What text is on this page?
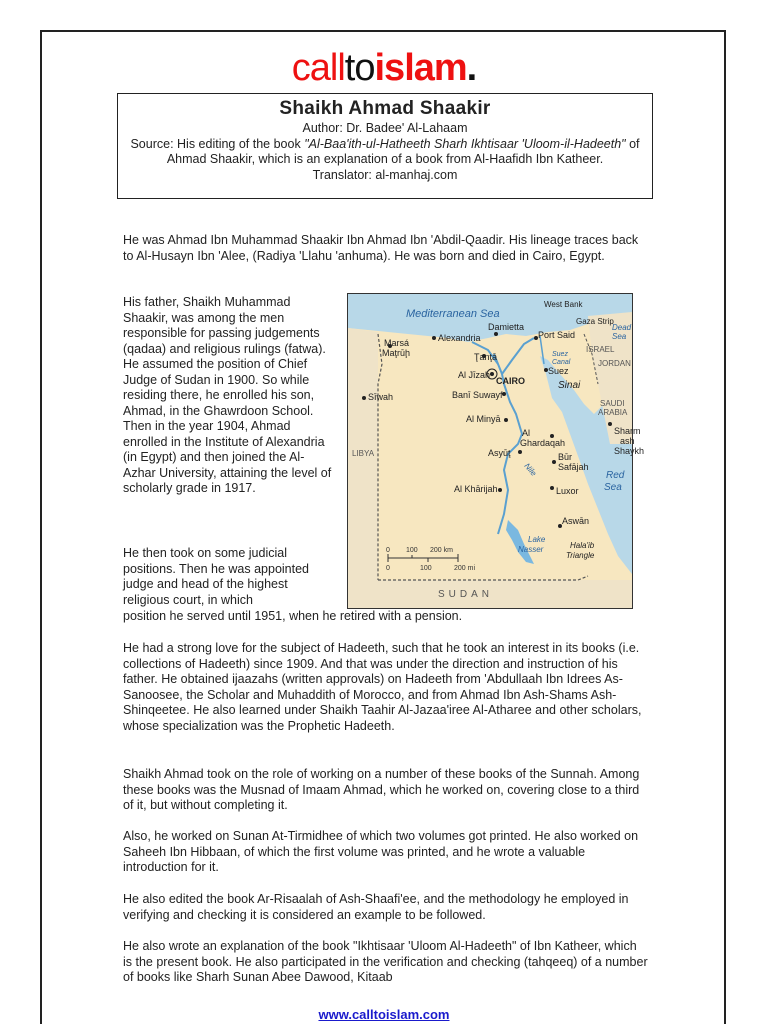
calltoislam.
Shaikh Ahmad Shaakir
Author: Dr. Badee' Al-Lahaam
Source: His editing of the book "Al-Baa'ith-ul-Hatheeth Sharh Ikhtisaar 'Uloom-il-Hadeeth" of Ahmad Shaakir, which is an explanation of a book from Al-Haafidh Ibn Katheer.
Translator: al-manhaj.com
He was Ahmad Ibn Muhammad Shaakir Ibn Ahmad Ibn 'Abdil-Qaadir. His lineage traces back to Al-Husayn Ibn 'Alee, (Radiya 'Llahu 'anhuma). He was born and died in Cairo, Egypt.
His father, Shaikh Muhammad Shaakir, was among the men responsible for passing judgements (qadaa) and religious rulings (fatwa). He assumed the position of Chief Judge of Sudan in 1900. So while residing there, he enrolled his son, Ahmad, in the Ghawrdoon School. Then in the year 1904, Ahmad enrolled in the Institute of Alexandria (in Egypt) and then joined the Al-Azhar University, attaining the level of scholarly grade in 1917.
He then took on some judicial positions. Then he was appointed judge and head of the highest religious court, in which
position he served until 1951, when he retired with a pension.
He had a strong love for the subject of Hadeeth, such that he took an interest in its books (i.e. collections of Hadeeth) since 1909. And that was under the direction and instruction of his father. He obtained ijaazahs (written approvals) on Hadeeth from 'Abdullaah Ibn Idrees As-Sanoosee, the Scholar and Muhaddith of Morocco, and from Ahmad Ibn Ash-Shams Ash-Shinqeetee. He also learned under Shaikh Taahir Al-Jazaa'iree Al-Atharee and other scholars, whose specialization was the Prophetic Hadeeth.
Shaikh Ahmad took on the role of working on a number of these books of the Sunnah. Among these books was the Musnad of Imaam Ahmad, which he worked on, covering close to a third of it, but without completing it.
Also, he worked on Sunan At-Tirmidhee of which two volumes got printed. He also worked on Saheeh Ibn Hibbaan, of which the first volume was printed, and he wrote a valuable introduction for it.
He also edited the book Ar-Risaalah of Ash-Shaafi'ee, and the methodology he employed in verifying and checking it is considered an example to be followed.
He also wrote an explanation of the book "Ikhtisaar 'Uloom Al-Hadeeth" of Ibn Katheer, which is the present book. He also participated in the verification and checking (tahqeeq) of a number of books like Sharh Sunan Abee Dawood, Kitaab
Mediterranean Sea
West Bank
Gaza Strip
Dead
Sea
ISRAEL
JORDAN
SAUDI
ARABIA
LIBYA
SUDAN
Red
Sea
Suez
Canal
Sinai
Nile
Lake
Nasser	Hala'ib
Triangle
Alexandria
Damietta
Port Said
Marsá
Maţrūḩ	Ţanţā
Suez
Al Jīzah
CAIRO
Sīwah	Banī Suwayf
Al Minyā
Sharm
ash
Shaykh
Al
Ghardaqah
Asyūţ	Būr
Safājah
Al Khārijah	Luxor
Aswān
0 100 200 km
0	100	200 mi
www.calltoislam.com
